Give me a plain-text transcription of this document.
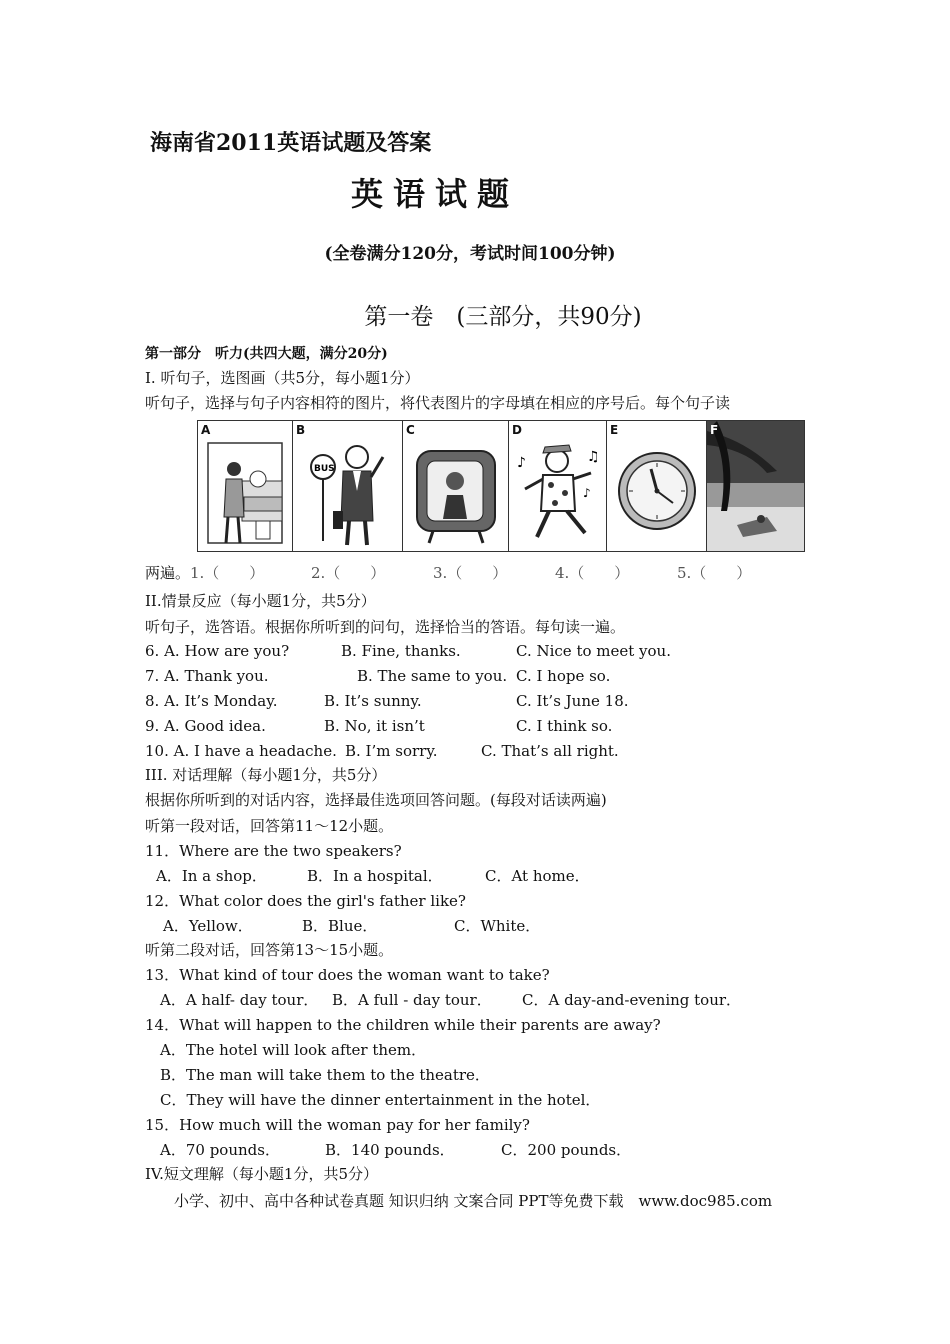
海南省2011英语试题及答案
英语试题
(全卷满分120分，考试时间100分钟)
第一卷　(三部分，共90分)
第一部分　听力(共四大题，满分20分)
I. 听句子，选图画（共5分，每小题1分）
听句子，选择与句子内容相符的图片，将代表图片的字母填在相应的序号后。每个句子读
A	B
BUS
C	D
♪	♫
♪
E	F
两遍。 1.（　　）	2.（　　）	3.（　　）	4.（　　）	5.（　　）
II.情景反应（每小题1分，共5分）
听句子，选答语。根据你所听到的问句，选择恰当的答语。每句读一遍。
6. A. How are you?	B. Fine, thanks.	C. Nice to meet you.
7. A. Thank you.	B. The same to you. C. I hope so.
8. A. It’s Monday.	B. It’s sunny.	C. It’s June 18.
9. A. Good idea.	B. No, it isn’t	C. I think so.
10. A. I have a headache. B. I’m sorry.	C. That’s all right.
III. 对话理解（每小题1分，共5分）
根据你所听到的对话内容，选择最佳选项回答问题。(每段对话读两遍)
听第一段对话，回答第11～12小题。
11．Where are the two speakers?
A．In a shop．	B．In a hospital．	C．At home．
12．What color does the girl's father like?
A．Yellow．	B．Blue．	C．White．
听第二段对话，回答第13～15小题。
13．What kind of tour does the woman want to take?
A．A half- day tour． B．A full - day tour． C．A day-and-evening tour．
14．What will happen to the children while their parents are away?
A．The hotel will look after them．
B．The man will take them to the theatre．
C．They will have the dinner entertainment in the hotel．
15．How much will the woman pay for her family?
A．70 pounds．	B．140 pounds．	C．200 pounds．
IV.短文理解（每小题1分，共5分）
小学、初中、高中各种试卷真题 知识归纳 文案合同 PPT等免费下载　www.doc985.com
